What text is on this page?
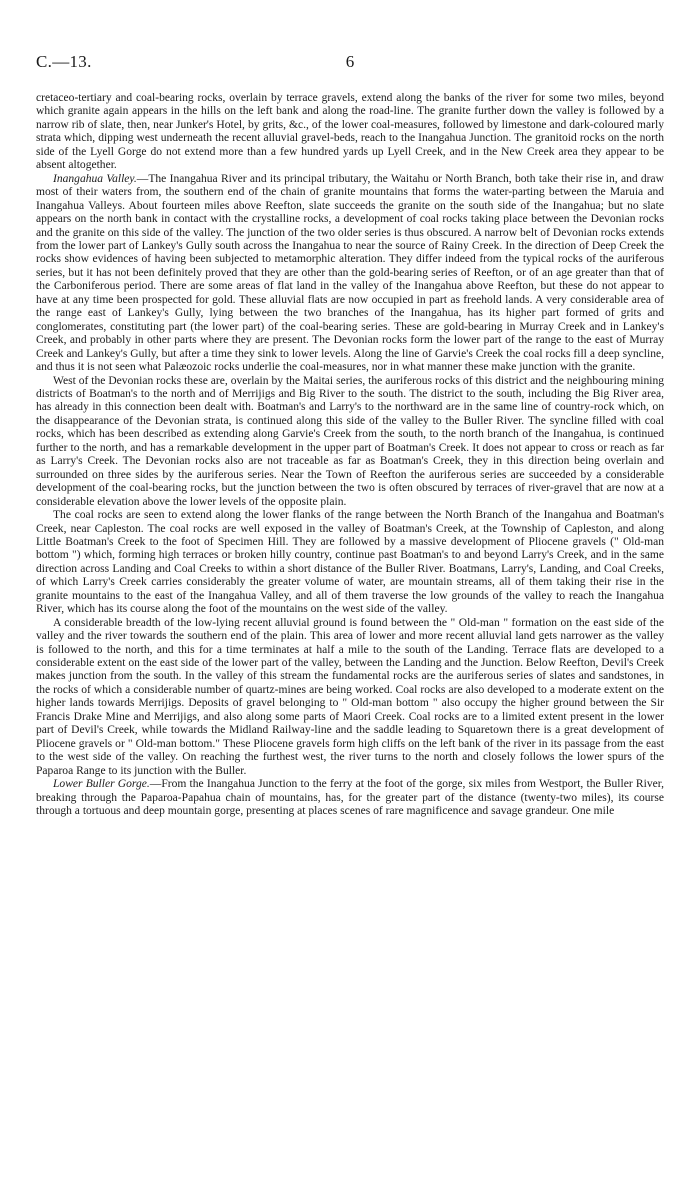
C.—13.	6

cretaceo-tertiary and coal-bearing rocks, overlain by terrace gravels, extend along the banks of the river for some two miles, beyond which granite again appears in the hills on the left bank and along the road-line. The granite further down the valley is followed by a narrow rib of slate, then, near Junker's Hotel, by grits, &c., of the lower coal-measures, followed by limestone and dark-coloured marly strata which, dipping west underneath the recent alluvial gravel-beds, reach to the Inangahua Junction. The granitoid rocks on the north side of the Lyell Gorge do not extend more than a few hundred yards up Lyell Creek, and in the New Creek area they appear to be absent altogether.

Inangahua Valley.—The Inangahua River and its principal tributary, the Waitahu or North Branch, both take their rise in, and draw most of their waters from, the southern end of the chain of granite mountains that forms the water-parting between the Maruia and Inangahua Valleys. About fourteen miles above Reefton, slate succeeds the granite on the south side of the Inangahua; but no slate appears on the north bank in contact with the crystalline rocks, a development of coal rocks taking place between the Devonian rocks and the granite on this side of the valley. The junction of the two older series is thus obscured. A narrow belt of Devonian rocks extends from the lower part of Lankey's Gully south across the Inangahua to near the source of Rainy Creek. In the direction of Deep Creek the rocks show evidences of having been subjected to metamorphic alteration. They differ indeed from the typical rocks of the auriferous series, but it has not been definitely proved that they are other than the gold-bearing series of Reefton, or of an age greater than that of the Carboniferous period. There are some areas of flat land in the valley of the Inangahua above Reefton, but these do not appear to have at any time been prospected for gold. These alluvial flats are now occupied in part as freehold lands. A very considerable area of the range east of Lankey's Gully, lying between the two branches of the Inangahua, has its higher part formed of grits and conglomerates, constituting part (the lower part) of the coal-bearing series. These are gold-bearing in Murray Creek and in Lankey's Creek, and probably in other parts where they are present. The Devonian rocks form the lower part of the range to the east of Murray Creek and Lankey's Gully, but after a time they sink to lower levels. Along the line of Garvie's Creek the coal rocks fill a deep syncline, and thus it is not seen what Palæozoic rocks underlie the coal-measures, nor in what manner these make junction with the granite.

West of the Devonian rocks these are, overlain by the Maitai series, the auriferous rocks of this district and the neighbouring mining districts of Boatman's to the north and of Merrijigs and Big River to the south. The district to the south, including the Big River area, has already in this connection been dealt with. Boatman's and Larry's to the northward are in the same line of country-rock which, on the disappearance of the Devonian strata, is continued along this side of the valley to the Buller River. The syncline filled with coal rocks, which has been described as extending along Garvie's Creek from the south, to the north branch of the Inangahua, is continued further to the north, and has a remarkable development in the upper part of Boatman's Creek. It does not appear to cross or reach as far as Larry's Creek. The Devonian rocks also are not traceable as far as Boatman's Creek, they in this direction being overlain and surrounded on three sides by the auriferous series. Near the Town of Reefton the auriferous series are succeeded by a considerable development of the coal-bearing rocks, but the junction between the two is often obscured by terraces of river-gravel that are now at a considerable elevation above the lower levels of the opposite plain.

The coal rocks are seen to extend along the lower flanks of the range between the North Branch of the Inangahua and Boatman's Creek, near Capleston. The coal rocks are well exposed in the valley of Boatman's Creek, at the Township of Capleston, and along Little Boatman's Creek to the foot of Specimen Hill. They are followed by a massive development of Pliocene gravels (" Old-man bottom ") which, forming high terraces or broken hilly country, continue past Boatman's to and beyond Larry's Creek, and in the same direction across Landing and Coal Creeks to within a short distance of the Buller River. Boatmans, Larry's, Landing, and Coal Creeks, of which Larry's Creek carries considerably the greater volume of water, are mountain streams, all of them taking their rise in the granite mountains to the east of the Inangahua Valley, and all of them traverse the low grounds of the valley to reach the Inangahua River, which has its course along the foot of the mountains on the west side of the valley.

A considerable breadth of the low-lying recent alluvial ground is found between the " Old-man " formation on the east side of the valley and the river towards the southern end of the plain. This area of lower and more recent alluvial land gets narrower as the valley is followed to the north, and this for a time terminates at half a mile to the south of the Landing. Terrace flats are developed to a considerable extent on the east side of the lower part of the valley, between the Landing and the Junction. Below Reefton, Devil's Creek makes junction from the south. In the valley of this stream the fundamental rocks are the auriferous series of slates and sandstones, in the rocks of which a considerable number of quartz-mines are being worked. Coal rocks are also developed to a moderate extent on the higher lands towards Merrijigs. Deposits of gravel belonging to " Old-man bottom " also occupy the higher ground between the Sir Francis Drake Mine and Merrijigs, and also along some parts of Maori Creek. Coal rocks are to a limited extent present in the lower part of Devil's Creek, while towards the Midland Railway-line and the saddle leading to Squaretown there is a great development of Pliocene gravels or " Old-man bottom." These Pliocene gravels form high cliffs on the left bank of the river in its passage from the east to the west side of the valley. On reaching the furthest west, the river turns to the north and closely follows the lower spurs of the Paparoa Range to its junction with the Buller.

Lower Buller Gorge.—From the Inangahua Junction to the ferry at the foot of the gorge, six miles from Westport, the Buller River, breaking through the Paparoa-Papahua chain of mountains, has, for the greater part of the distance (twenty-two miles), its course through a tortuous and deep mountain gorge, presenting at places scenes of rare magnificence and savage grandeur. One mile
